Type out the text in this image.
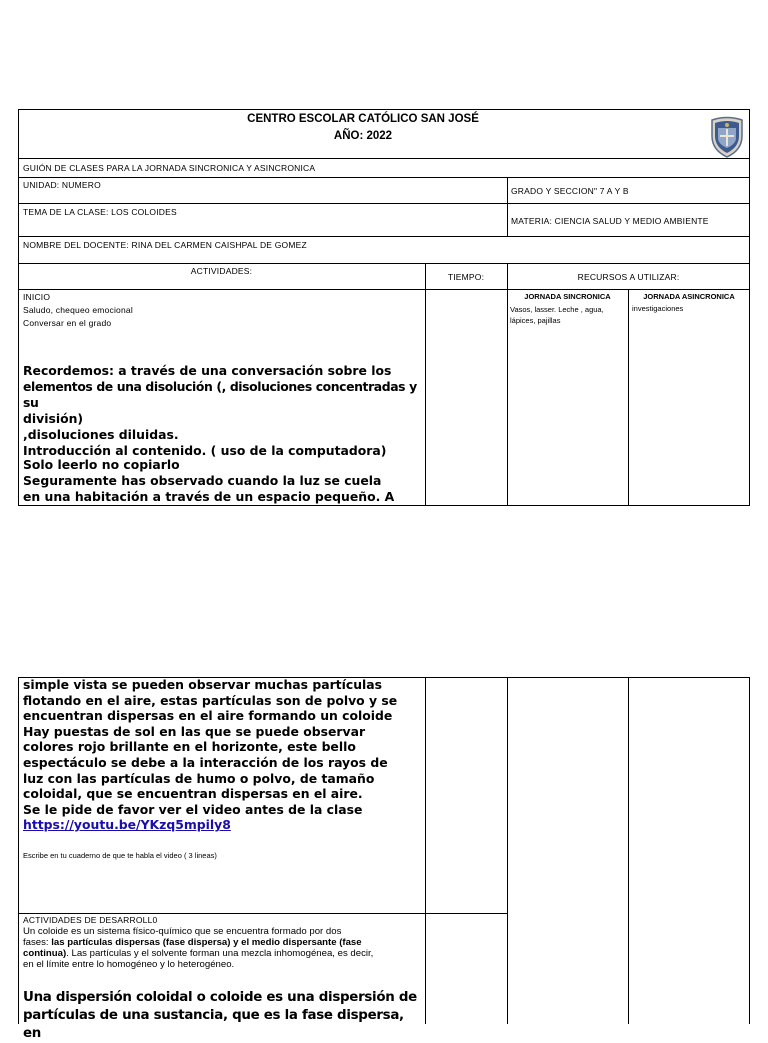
CENTRO ESCOLAR CATÓLICO SAN JOSÉ
AÑO: 2022
GUIÓN DE CLASES PARA LA JORNADA SINCRONICA Y ASINCRONICA
UNIDAD: NUMERO
GRADO Y SECCION" 7 A Y B
TEMA DE LA CLASE: LOS COLOIDES
MATERIA: CIENCIA SALUD Y MEDIO AMBIENTE
NOMBRE DEL DOCENTE: RINA DEL CARMEN CAISHPAL DE GOMEZ
ACTIVIDADES:
TIEMPO:	RECURSOS A UTILIZAR:
INICIO
Saludo, chequeo emocional
Conversar en el grado
Recordemos: a través de una conversación sobre los
elementos de una disolución (, disoluciones concentradas y su
división)
,disoluciones diluidas.
Introducción al contenido. ( uso de la computadora)
Solo leerlo no copiarlo
Seguramente has observado cuando la luz se cuela
en una habitación a través de un espacio pequeño. A
JORNADA SINCRONICA
Vasos, lasser. Leche , agua,
lápices, pajillas
JORNADA ASINCRONICA
investigaciones
simple vista se pueden observar muchas partículas
flotando en el aire, estas partículas son de polvo y se
encuentran dispersas en el aire formando un coloide
Hay puestas de sol en las que se puede observar
colores rojo brillante en el horizonte, este bello
espectáculo se debe a la interacción de los rayos de
luz con las partículas de humo o polvo, de tamaño
coloidal, que se encuentran dispersas en el aire.
Se le pide de favor ver el video antes de la clase
https://youtu.be/YKzq5mpily8
Escribe en tu cuaderno de que te habla el video ( 3 lineas)
ACTIVIDADES DE DESARROLL0
Un coloide es un sistema físico-químico que se encuentra formado por dos
fases: las partículas dispersas (fase dispersa) y el medio dispersante (fase
continua). Las partículas y el solvente forman una mezcla inhomogénea, es decir,
en el límite entre lo homogéneo y lo heterogéneo.
Una dispersión coloidal o coloide es una dispersión de
partículas de una sustancia, que es la fase dispersa, en
